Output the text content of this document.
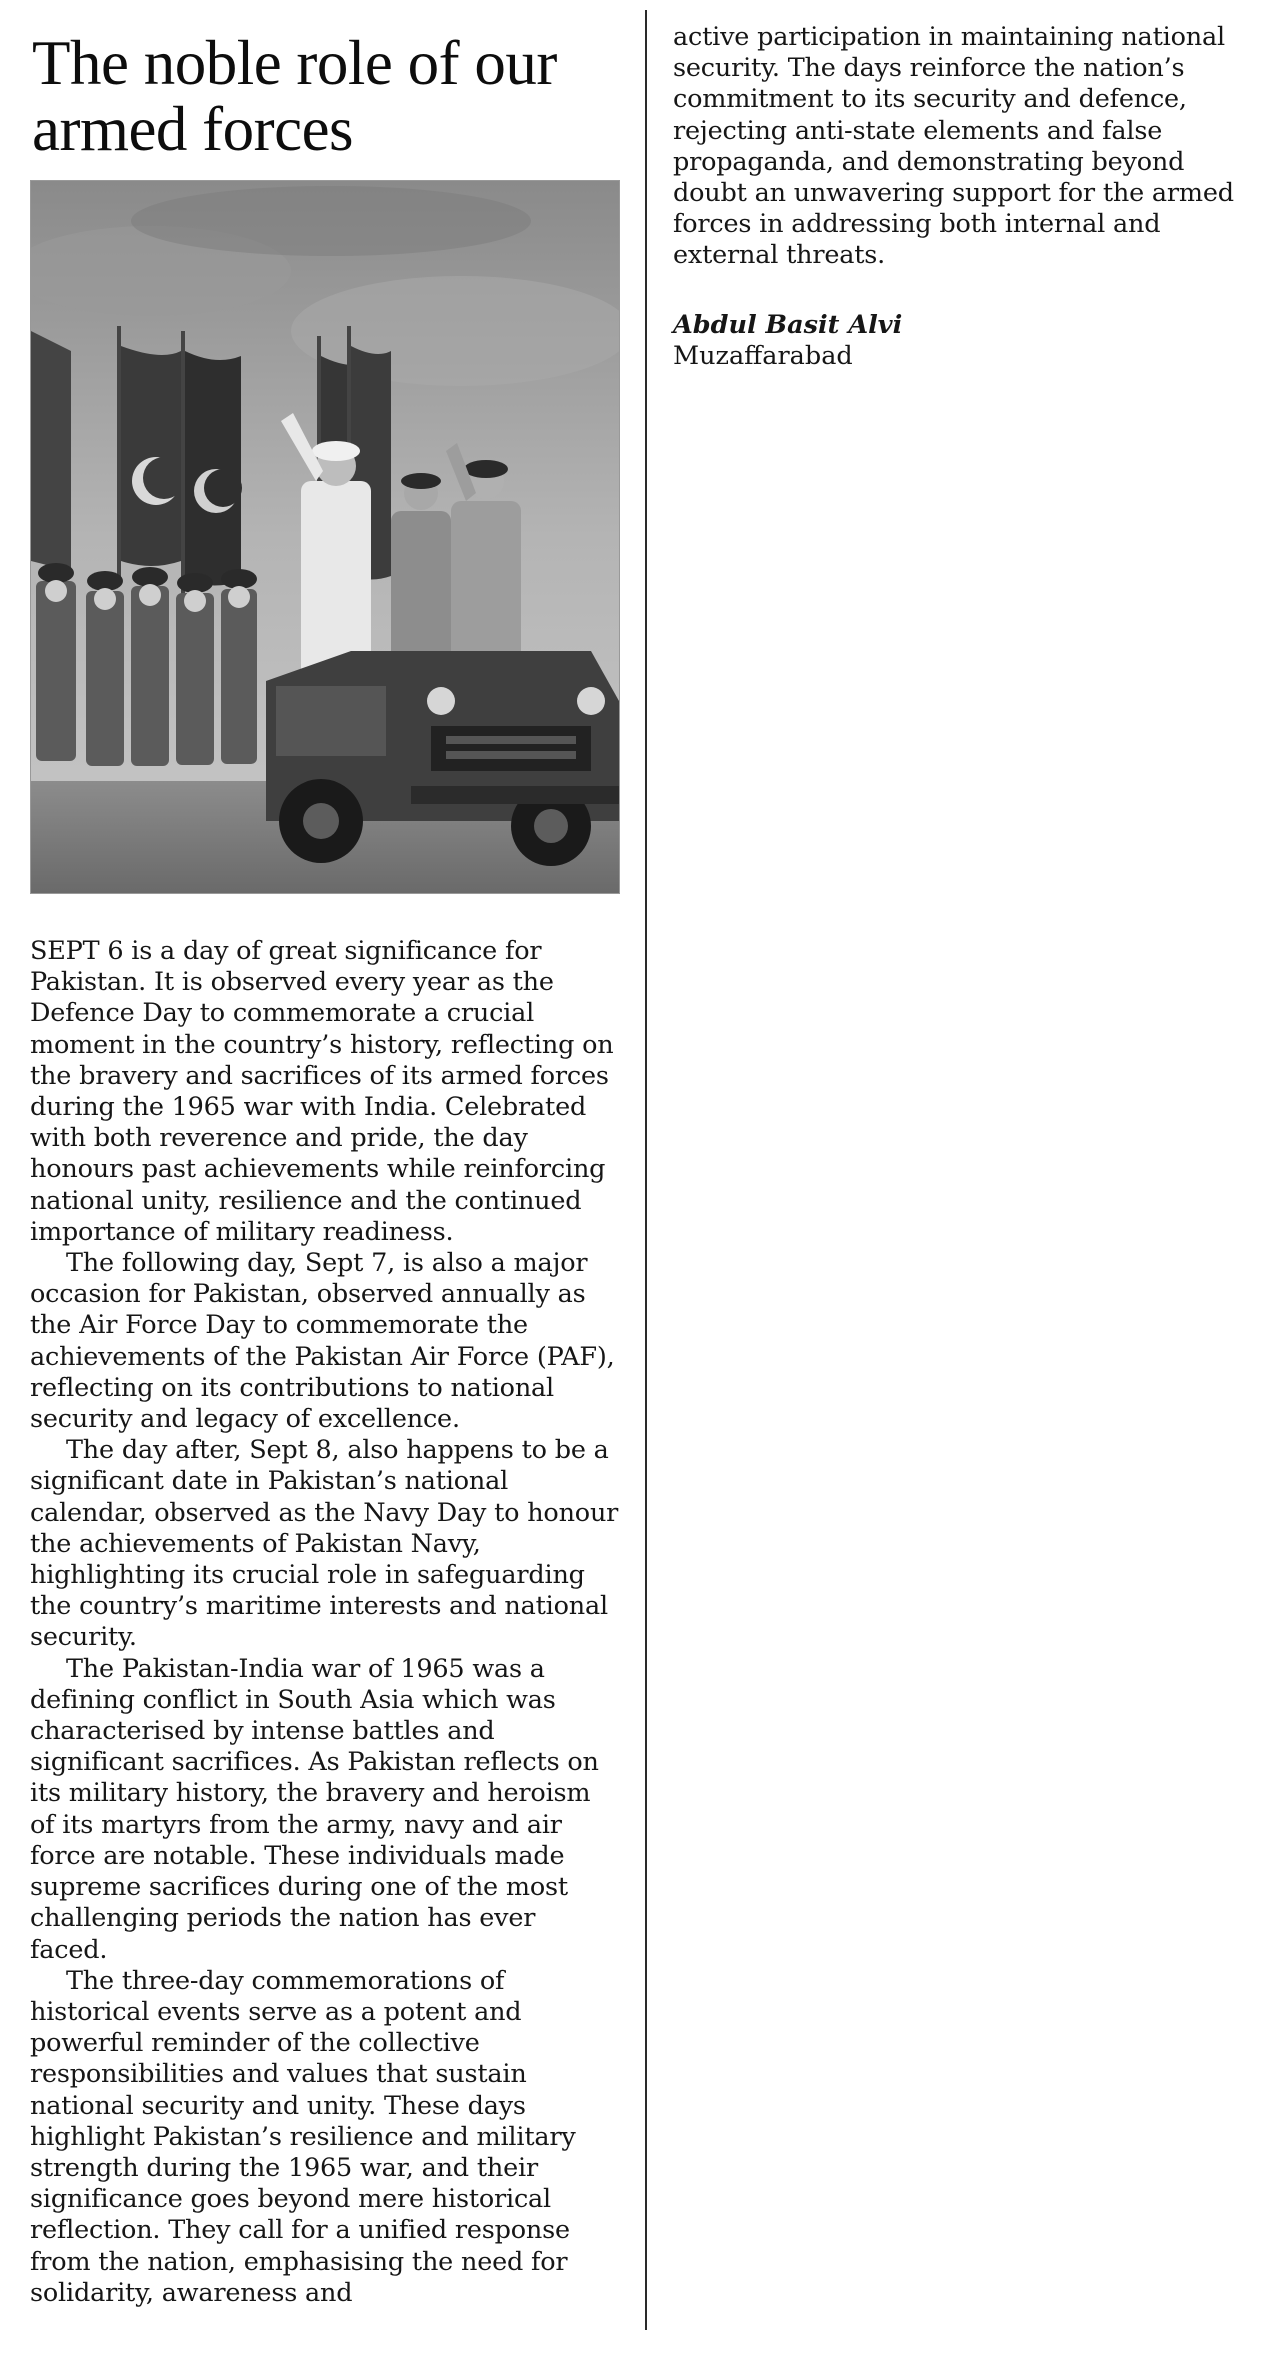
The noble role of our armed forces

SEPT 6 is a day of great significance for Pakistan. It is observed every year as the Defence Day to commemorate a crucial moment in the country’s history, reflecting on the bravery and sacrifices of its armed forces during the 1965 war with India. Celebrated with both reverence and pride, the day honours past achievements while reinforcing national unity, resilience and the continued importance of military readiness.

The following day, Sept 7, is also a major occasion for Pakistan, observed annually as the Air Force Day to commemorate the achievements of the Pakistan Air Force (PAF), reflecting on its contributions to national security and legacy of excellence.

The day after, Sept 8, also happens to be a significant date in Pakistan’s national calendar, observed as the Navy Day to honour the achievements of Pakistan Navy, highlighting its crucial role in safeguarding the country’s maritime interests and national security.

The Pakistan-India war of 1965 was a defining conflict in South Asia which was characterised by intense battles and significant sacrifices. As Pakistan reflects on its military history, the bravery and heroism of its martyrs from the army, navy and air force are notable. These individuals made supreme sacrifices during one of the most challenging periods the nation has ever faced.

The three-day commemorations of historical events serve as a potent and powerful reminder of the collective responsibilities and values that sustain national security and unity. These days highlight Pakistan’s resilience and military strength during the 1965 war, and their significance goes beyond mere historical reflection. They call for a unified response from the nation, emphasising the need for solidarity, awareness and

active participation in maintaining national security. The days reinforce the nation’s commitment to its security and defence, rejecting anti-state elements and false propaganda, and demonstrating beyond doubt an unwavering support for the armed forces in addressing both internal and external threats.

Abdul Basit Alvi
Muzaffarabad
